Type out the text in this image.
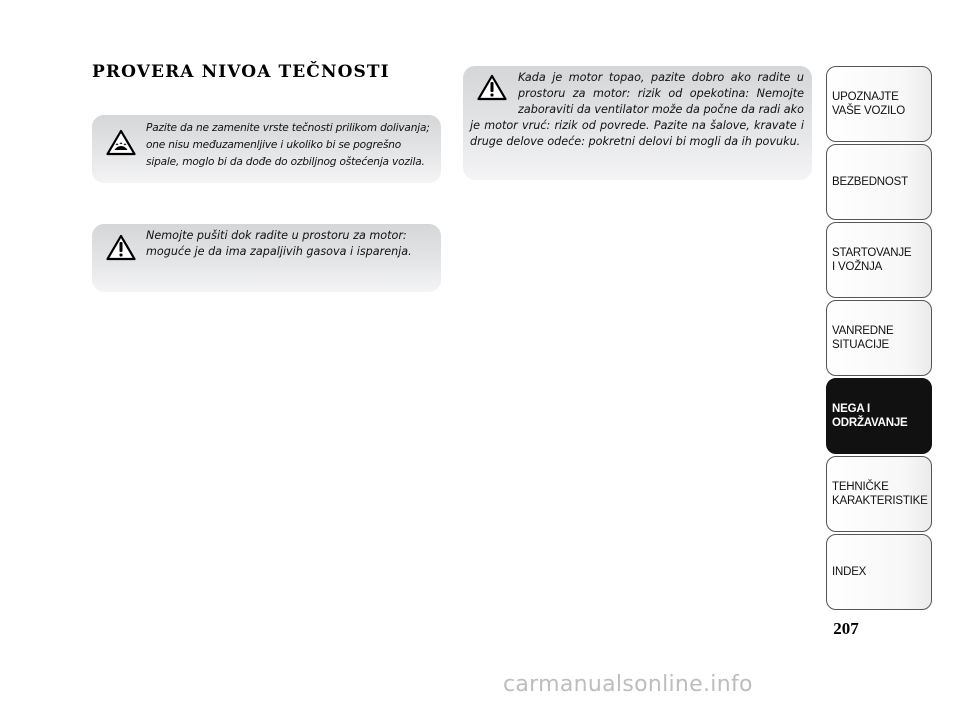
PROVERA NIVOA TEČNOSTI
Pazite da ne zamenite vrste tečnosti prilikom dolivanja; one nisu međuzamenljive i ukoliko bi se pogrešno sipale, moglo bi da dođe do ozbiljnog oštećenja vozila.
Nemojte pušiti dok radite u prostoru za motor: moguće je da ima zapaljivih gasova i isparenja.
Kada je motor topao, pazite dobro ako radite u prostoru za motor: rizik od opekotina: Nemojte zaboraviti da ventilator može da počne da radi ako je motor vruć: rizik od povrede. Pazite na šalove, kravate i druge delove odeće: pokretni delovi bi mogli da ih povuku.
UPOZNAJTE
VAŠE VOZILO
BEZBEDNOST
STARTOVANJE
I VOŽNJA
VANREDNE
SITUACIJE
NEGA I
ODRŽAVANJE
TEHNIČKE
KARAKTERISTIKE
INDEX
207
carmanualsonline.info
